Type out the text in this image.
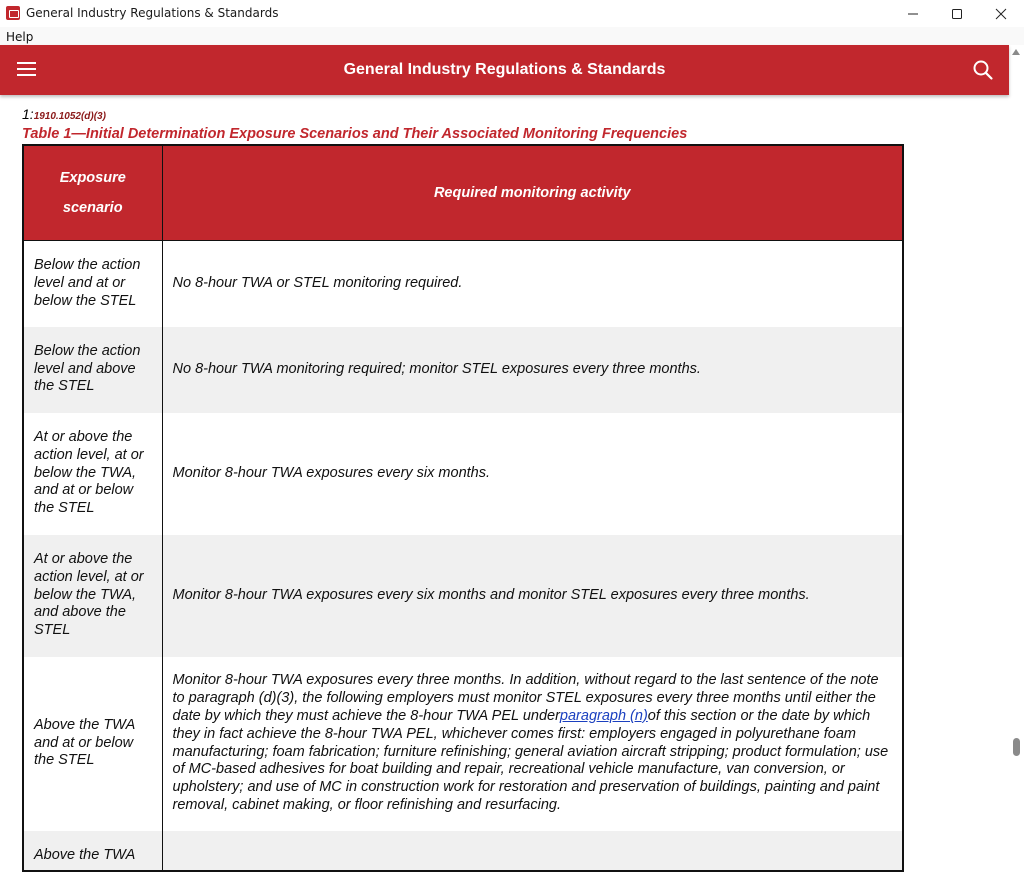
General Industry Regulations & Standards
Help
General Industry Regulations & Standards
1:1910.1052(d)(3)
Table 1—Initial Determination Exposure Scenarios and Their Associated Monitoring Frequencies
Exposure scenario	Required monitoring activity
Below the action level and at or below the STEL	No 8-hour TWA or STEL monitoring required.
Below the action level and above the STEL	No 8-hour TWA monitoring required; monitor STEL exposures every three months.
At or above the action level, at or below the TWA, and at or below the STEL	Monitor 8-hour TWA exposures every six months.
At or above the action level, at or below the TWA, and above the STEL	Monitor 8-hour TWA exposures every six months and monitor STEL exposures every three months.
Above the TWA and at or below the STEL	Monitor 8-hour TWA exposures every three months. In addition, without regard to the last sentence of the note to paragraph (d)(3), the following employers must monitor STEL exposures every three months until either the date by which they must achieve the 8-hour TWA PEL underparagraph (n)of this section or the date by which they in fact achieve the 8-hour TWA PEL, whichever comes first: employers engaged in polyurethane foam manufacturing; foam fabrication; furniture refinishing; general aviation aircraft stripping; product formulation; use of MC-based adhesives for boat building and repair, recreational vehicle manufacture, van conversion, or upholstery; and use of MC in construction work for restoration and preservation of buildings, painting and paint removal, cabinet making, or floor refinishing and resurfacing.
Above the TWA	
